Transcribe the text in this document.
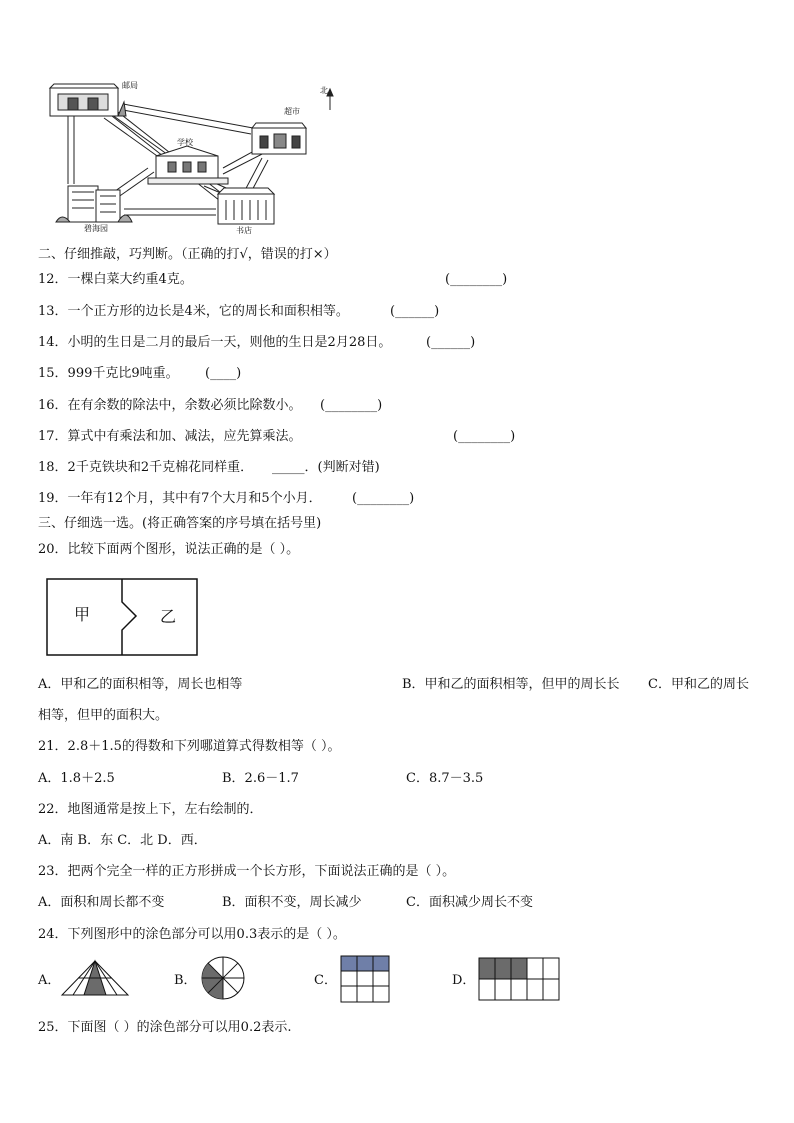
邮局
超市
北
学校
碧海园	书店
二、仔细推敲，巧判断。（正确的打√，错误的打×）
12．一棵白菜大约重4克。	(________)
13．一个正方形的边长是4米，它的周长和面积相等。	(______)
14．小明的生日是二月的最后一天，则他的生日是2月28日。	(______)
15．999千克比9吨重。 (____)
16．在有余数的除法中，余数必须比除数小。 (________)
17．算式中有乘法和加、减法，应先算乘法。	(________)
18．2千克铁块和2千克棉花同样重． _____．(判断对错)
19．一年有12个月，其中有7个大月和5个小月． (________)
三、仔细选一选。(将正确答案的序号填在括号里)
20．比较下面两个图形，说法正确的是（ ）。
甲	乙
A．甲和乙的面积相等，周长也相等	B．甲和乙的面积相等，但甲的周长长 C．甲和乙的周长
相等，但甲的面积大。
21．2.8＋1.5的得数和下列哪道算式得数相等（ ）。
A．1.8＋2.5	B．2.6－1.7	C．8.7－3.5
22．地图通常是按上下，左右绘制的．
A．南 B．东 C．北 D．西．
23．把两个完全一样的正方形拼成一个长方形，下面说法正确的是（ ）。
A．面积和周长都不变	B．面积不变，周长减少	C．面积减少周长不变
24．下列图形中的涂色部分可以用0.3表示的是（ ）。
A．	B．	C．	D．
25．下面图（ ）的涂色部分可以用0.2表示.
